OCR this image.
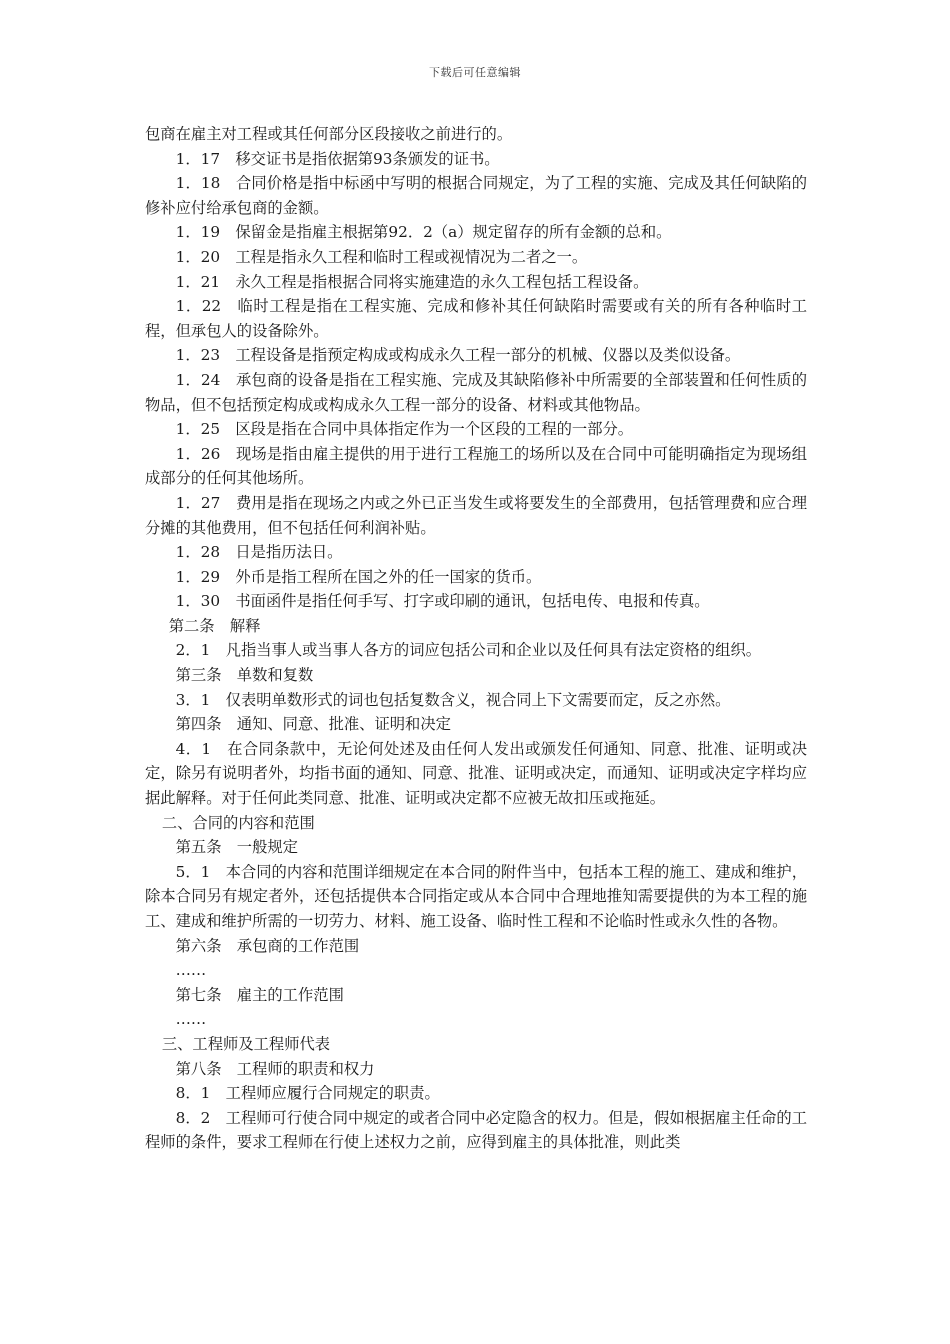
下载后可任意编辑

包商在雇主对工程或其任何部分区段接收之前进行的。

1．17　移交证书是指依据第93条颁发的证书。

1．18　合同价格是指中标函中写明的根据合同规定，为了工程的实施、完成及其任何缺陷的修补应付给承包商的金额。

1．19　保留金是指雇主根据第92．2（a）规定留存的所有金额的总和。

1．20　工程是指永久工程和临时工程或视情况为二者之一。

1．21　永久工程是指根据合同将实施建造的永久工程包括工程设备。

1．22　临时工程是指在工程实施、完成和修补其任何缺陷时需要或有关的所有各种临时工程，但承包人的设备除外。

1．23　工程设备是指预定构成或构成永久工程一部分的机械、仪器以及类似设备。

1．24　承包商的设备是指在工程实施、完成及其缺陷修补中所需要的全部装置和任何性质的物品，但不包括预定构成或构成永久工程一部分的设备、材料或其他物品。

1．25　区段是指在合同中具体指定作为一个区段的工程的一部分。

1．26　现场是指由雇主提供的用于进行工程施工的场所以及在合同中可能明确指定为现场组成部分的任何其他场所。

1．27　费用是指在现场之内或之外已正当发生或将要发生的全部费用，包括管理费和应合理分摊的其他费用，但不包括任何利润补贴。

1．28　日是指历法日。

1．29　外币是指工程所在国之外的任一国家的货币。

1．30　书面函件是指任何手写、打字或印刷的通讯，包括电传、电报和传真。

第二条　解释

2．1　凡指当事人或当事人各方的词应包括公司和企业以及任何具有法定资格的组织。

第三条　单数和复数

3．1　仅表明单数形式的词也包括复数含义，视合同上下文需要而定，反之亦然。

第四条　通知、同意、批准、证明和决定

4．1　在合同条款中，无论何处述及由任何人发出或颁发任何通知、同意、批准、证明或决定，除另有说明者外，均指书面的通知、同意、批准、证明或决定，而通知、证明或决定字样均应据此解释。对于任何此类同意、批准、证明或决定都不应被无故扣压或拖延。

二、合同的内容和范围

第五条　一般规定

5．1　本合同的内容和范围详细规定在本合同的附件当中，包括本工程的施工、建成和维护，除本合同另有规定者外，还包括提供本合同指定或从本合同中合理地推知需要提供的为本工程的施工、建成和维护所需的一切劳力、材料、施工设备、临时性工程和不论临时性或永久性的各物。

第六条　承包商的工作范围

……

第七条　雇主的工作范围

……

三、工程师及工程师代表

第八条　工程师的职责和权力

8．1　工程师应履行合同规定的职责。

8．2　工程师可行使合同中规定的或者合同中必定隐含的权力。但是，假如根据雇主任命的工程师的条件，要求工程师在行使上述权力之前，应得到雇主的具体批准，则此类
